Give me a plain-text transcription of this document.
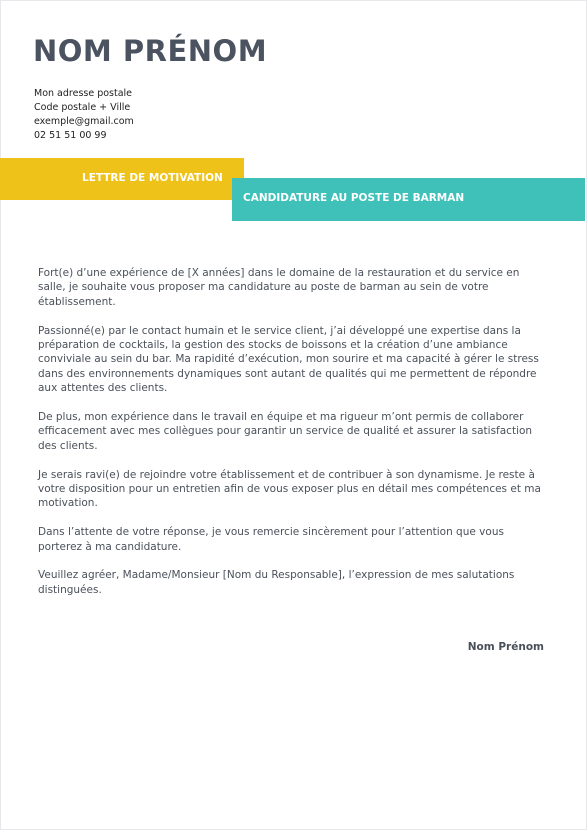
NOM PRÉNOM
Mon adresse postale
Code postale + Ville
exemple@gmail.com
02 51 51 00 99
LETTRE DE MOTIVATION
CANDIDATURE AU POSTE DE BARMAN

Fort(e) d’une expérience de [X années] dans le domaine de la restauration et du service en salle, je souhaite vous proposer ma candidature au poste de barman au sein de votre établissement.

Passionné(e) par le contact humain et le service client, j’ai développé une expertise dans la préparation de cocktails, la gestion des stocks de boissons et la création d’une ambiance conviviale au sein du bar. Ma rapidité d’exécution, mon sourire et ma capacité à gérer le stress dans des environnements dynamiques sont autant de qualités qui me permettent de répondre aux attentes des clients.

De plus, mon expérience dans le travail en équipe et ma rigueur m’ont permis de collaborer efficacement avec mes collègues pour garantir un service de qualité et assurer la satisfaction des clients.

Je serais ravi(e) de rejoindre votre établissement et de contribuer à son dynamisme. Je reste à votre disposition pour un entretien afin de vous exposer plus en détail mes compétences et ma motivation.

Dans l’attente de votre réponse, je vous remercie sincèrement pour l’attention que vous porterez à ma candidature.

Veuillez agréer, Madame/Monsieur [Nom du Responsable], l’expression de mes salutations distinguées.

Nom Prénom
